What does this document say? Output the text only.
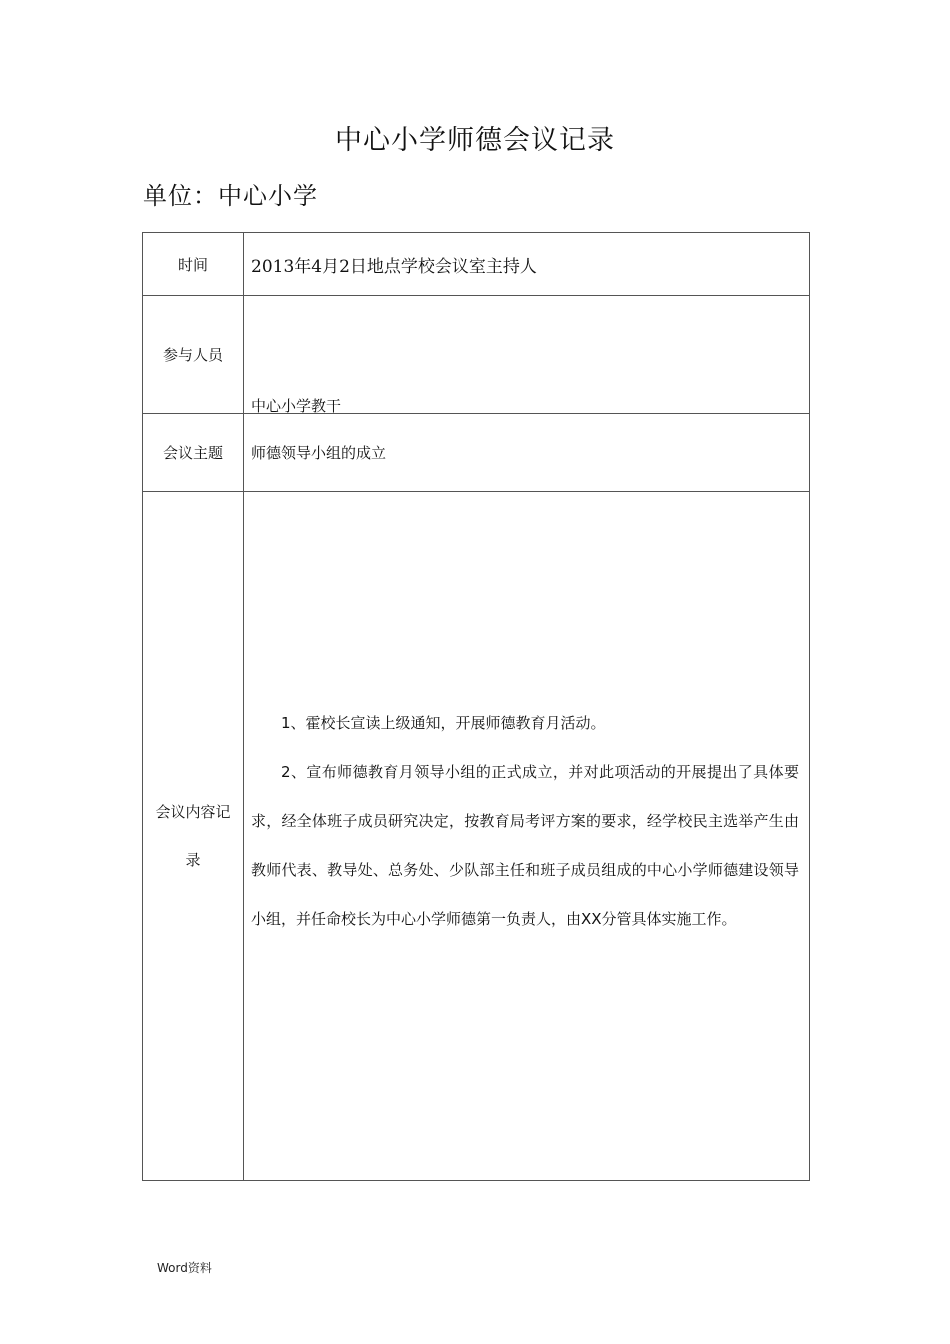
中心小学师德会议记录
单位：中心小学
时间	2013年4月2日地点学校会议室主持人
参与人员	中心小学教干

会议主题	师德领导小组的成立
会议内容记录	1、霍校长宣读上级通知，开展师德教育月活动。

2、宣布师德教育月领导小组的正式成立，并对此项活动的开展提出了具体要求，经全体班子成员研究决定，按教育局考评方案的要求，经学校民主选举产生由教师代表、教导处、总务处、少队部主任和班子成员组成的中心小学师德建设领导小组，并任命校长为中心小学师德第一负责人，由XX分管具体实施工作。

Word资料
